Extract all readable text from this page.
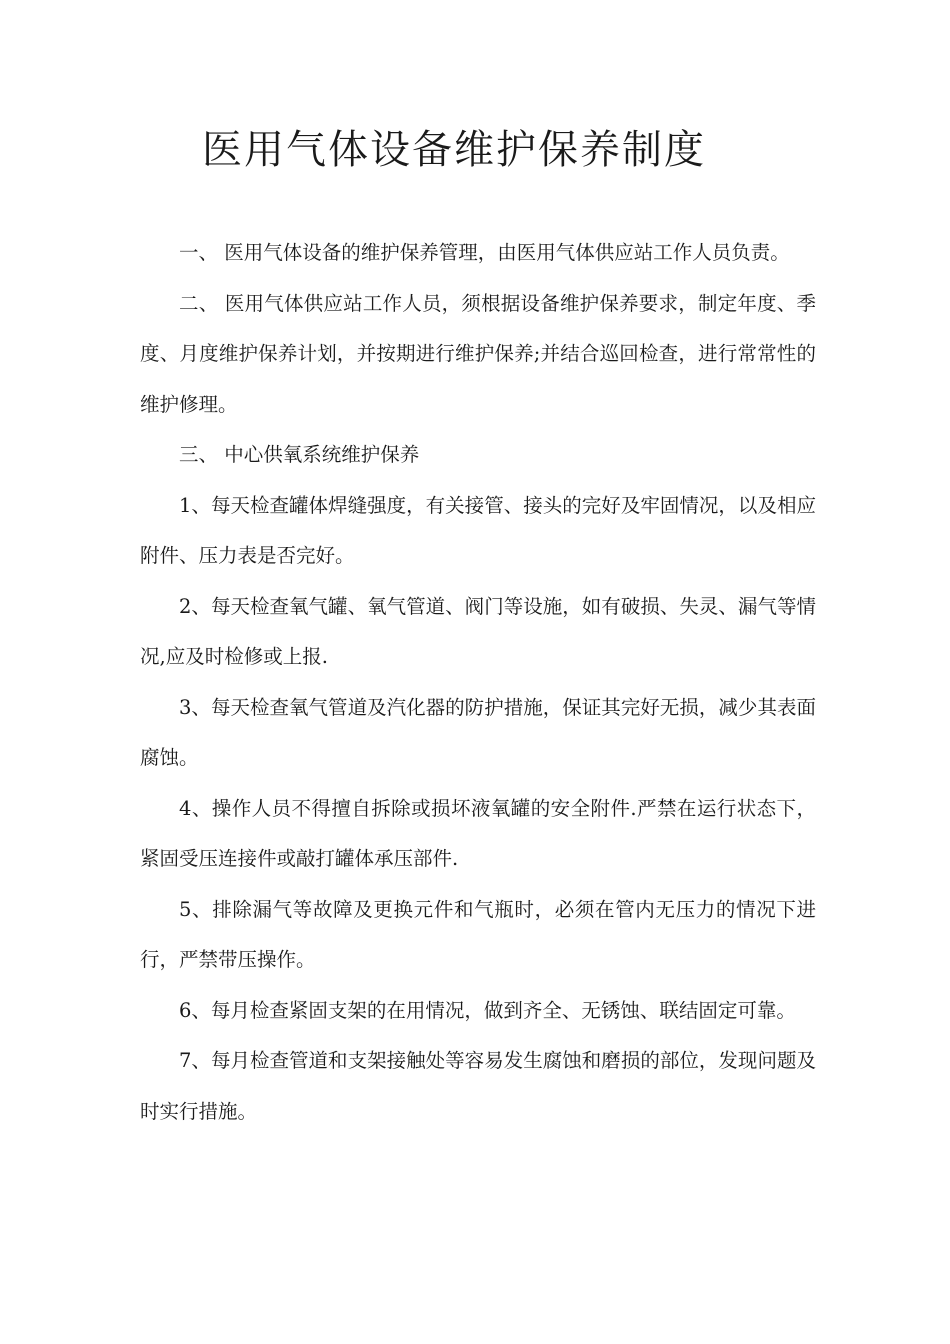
医用气体设备维护保养制度

一、 医用气体设备的维护保养管理，由医用气体供应站工作人员负责。

二、 医用气体供应站工作人员，须根据设备维护保养要求，制定年度、季度、月度维护保养计划，并按期进行维护保养;并结合巡回检查，进行常常性的维护修理。

三、 中心供氧系统维护保养

1、每天检查罐体焊缝强度，有关接管、接头的完好及牢固情况，以及相应附件、压力表是否完好。

2、每天检查氧气罐、氧气管道、阀门等设施，如有破损、失灵、漏气等情况,应及时检修或上报.

3、每天检查氧气管道及汽化器的防护措施，保证其完好无损，减少其表面腐蚀。

4、操作人员不得擅自拆除或损坏液氧罐的安全附件.严禁在运行状态下，紧固受压连接件或敲打罐体承压部件.

5、排除漏气等故障及更换元件和气瓶时，必须在管内无压力的情况下进行，严禁带压操作。

6、每月检查紧固支架的在用情况，做到齐全、无锈蚀、联结固定可靠。

7、每月检查管道和支架接触处等容易发生腐蚀和磨损的部位，发现问题及时实行措施。
